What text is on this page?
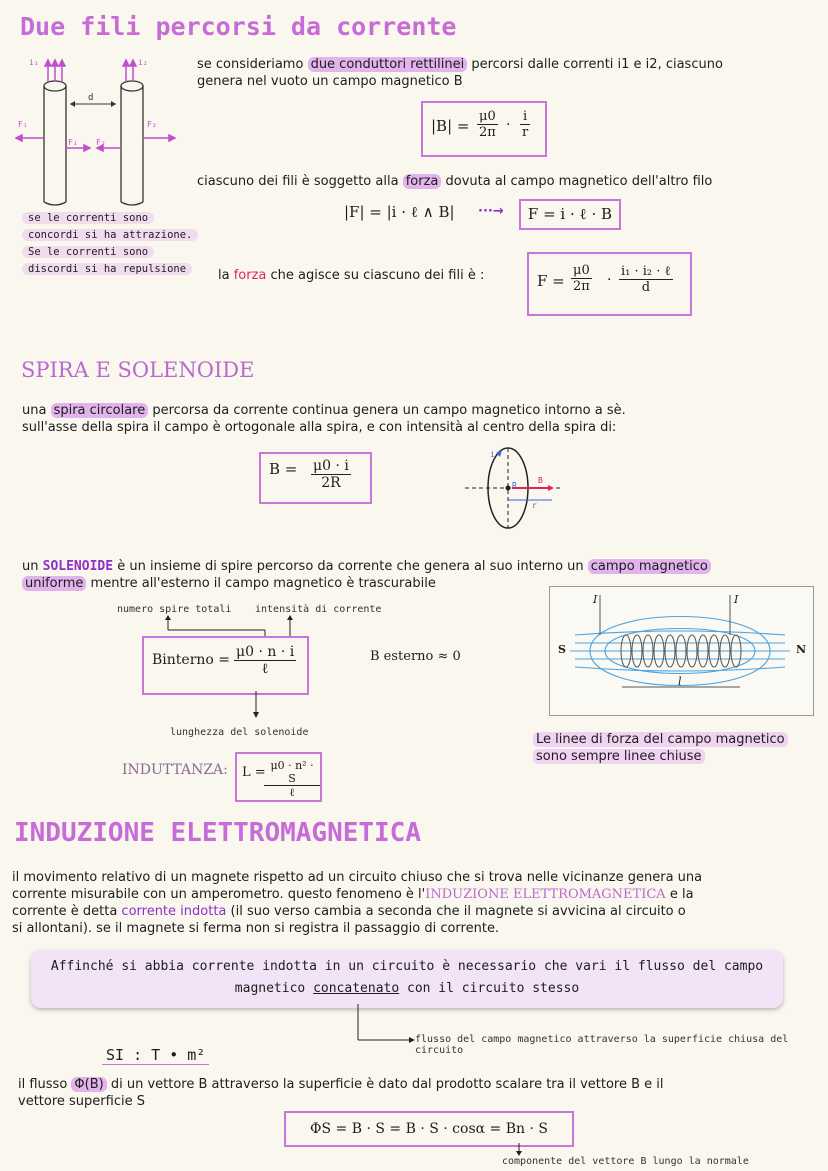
Due fili percorsi da corrente
i₁	i₂
d
F₁
F₁ F₂
F₂
se le correnti sono
concordi si ha attrazione.
Se le correnti sono
discordi si ha repulsione
se consideriamo due conduttori rettilinei percorsi dalle correnti i1 e i2, ciascuno
genera nel vuoto un campo magnetico B
$|B| = \frac{\mu 0}{2\pi} \cdot \frac{i}{r}$
ciascuno dei fili è soggetto alla forza dovuta al campo magnetico dell'altro filo
|F| = |i · ℓ ∧ B| ···→	F = i · ℓ · B
la forza che agisce su ciascuno dei fili è :	$F = \frac{\mu 0}{2\pi}$ ·
i₁ · i₂ · ℓ
d
SPIRA E SOLENOIDE
una spira circolare percorsa da corrente continua genera un campo magnetico intorno a sè.
sull'asse della spira il campo è ortogonale alla spira, e con intensità al centro della spira di:
$B = \frac{\mu 0 \cdot i}{2R}$
i
R
B
r
un SOLENOIDE è un insieme di spire percorso da corrente che genera al suo interno un campo magnetico
uniforme mentre all'esterno il campo magnetico è trascurabile
numero spire totali intensità di corrente
Binterno = μ0 · n · i
ℓ
lunghezza del solenoide
B esterno ≈ 0
INDUTTANZA: L = μ0 · n² · S
ℓ
S	N
I	I
l
Le linee di forza del campo magnetico
sono sempre linee chiuse
INDUZIONE ELETTROMAGNETICA
il movimento relativo di un magnete rispetto ad un circuito chiuso che si trova nelle vicinanze genera una
corrente misurabile con un amperometro. questo fenomeno è l'INDUZIONE ELETTROMAGNETICA e la
corrente è detta corrente indotta (il suo verso cambia a seconda che il magnete si avvicina al circuito o
si allontani). se il magnete si ferma non si registra il passaggio di corrente.
Affinché si abbia corrente indotta in un circuito è necessario che vari il flusso del campo
magnetico concatenato con il circuito stesso
flusso del campo magnetico attraverso la superficie chiusa del circuito
SI : T • m²
il flusso Φ(B) di un vettore B attraverso la superficie è dato dal prodotto scalare tra il vettore B e il
vettore superficie S
ΦS = B · S = B · S · cosα = Bn · S
componente del vettore B lungo la normale
